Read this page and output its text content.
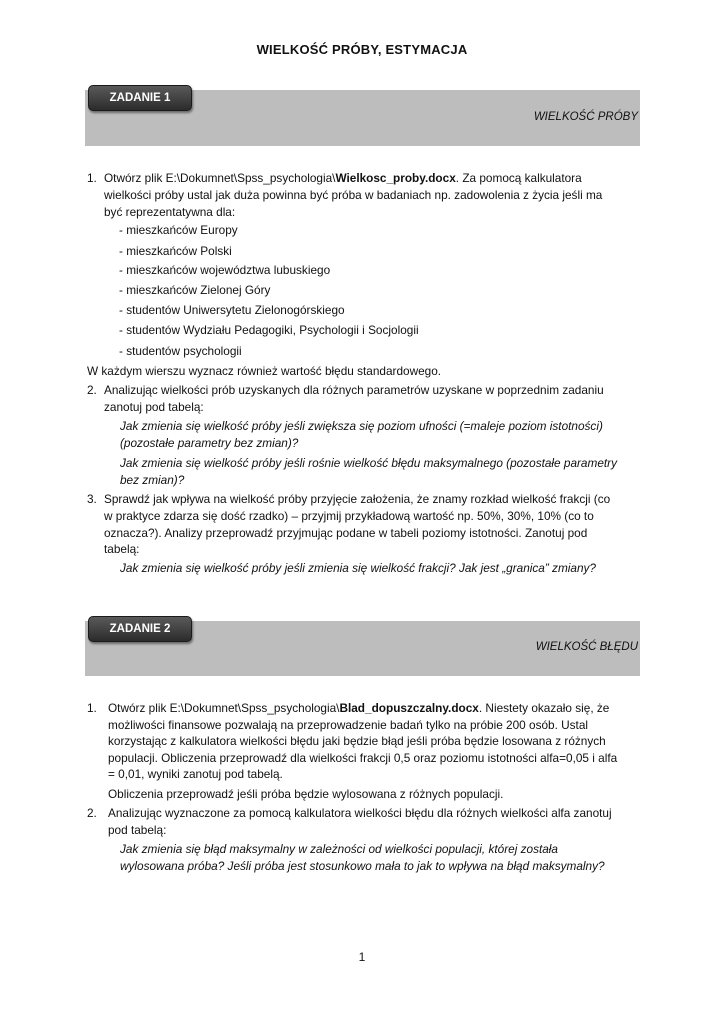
WIELKOŚĆ PRÓBY, ESTYMACJA
ZADANIE 1
WIELKOŚĆ PRÓBY
1. Otwórz plik E:\Dokumnet\Spss_psychologia\Wielkosc_proby.docx. Za pomocą kalkulatora
wielkości próby ustal jak duża powinna być próba w badaniach np. zadowolenia z życia jeśli ma
być reprezentatywna dla:
- mieszkańców Europy
- mieszkańców Polski
- mieszkańców województwa lubuskiego
- mieszkańców Zielonej Góry
- studentów Uniwersytetu Zielonogórskiego
- studentów Wydziału Pedagogiki, Psychologii i Socjologii
- studentów psychologii
W każdym wierszu wyznacz również wartość błędu standardowego.
2. Analizując wielkości prób uzyskanych dla różnych parametrów uzyskane w poprzednim zadaniu
zanotuj pod tabelą:
Jak zmienia się wielkość próby jeśli zwiększa się poziom ufności (=maleje poziom istotności)
(pozostałe parametry bez zmian)?
Jak zmienia się wielkość próby jeśli rośnie wielkość błędu maksymalnego (pozostałe parametry
bez zmian)?
3. Sprawdź jak wpływa na wielkość próby przyjęcie założenia, że znamy rozkład wielkość frakcji (co
w praktyce zdarza się dość rzadko) – przyjmij przykładową wartość np. 50%, 30%, 10% (co to
oznacza?). Analizy przeprowadź przyjmując podane w tabeli poziomy istotności. Zanotuj pod
tabelą:
Jak zmienia się wielkość próby jeśli zmienia się wielkość frakcji? Jak jest „granica” zmiany?
ZADANIE 2
WIELKOŚĆ BŁĘDU
1. Otwórz plik E:\Dokumnet\Spss_psychologia\Blad_dopuszczalny.docx. Niestety okazało się, że
możliwości finansowe pozwalają na przeprowadzenie badań tylko na próbie 200 osób. Ustal
korzystając z kalkulatora wielkości błędu jaki będzie błąd jeśli próba będzie losowana z różnych
populacji. Obliczenia przeprowadź dla wielkości frakcji 0,5 oraz poziomu istotności alfa=0,05 i alfa
= 0,01, wyniki zanotuj pod tabelą.
Obliczenia przeprowadź jeśli próba będzie wylosowana z różnych populacji.
2. Analizując wyznaczone za pomocą kalkulatora wielkości błędu dla różnych wielkości alfa zanotuj
pod tabelą:
Jak zmienia się błąd maksymalny w zależności od wielkości populacji, której została
wylosowana próba? Jeśli próba jest stosunkowo mała to jak to wpływa na błąd maksymalny?
1
